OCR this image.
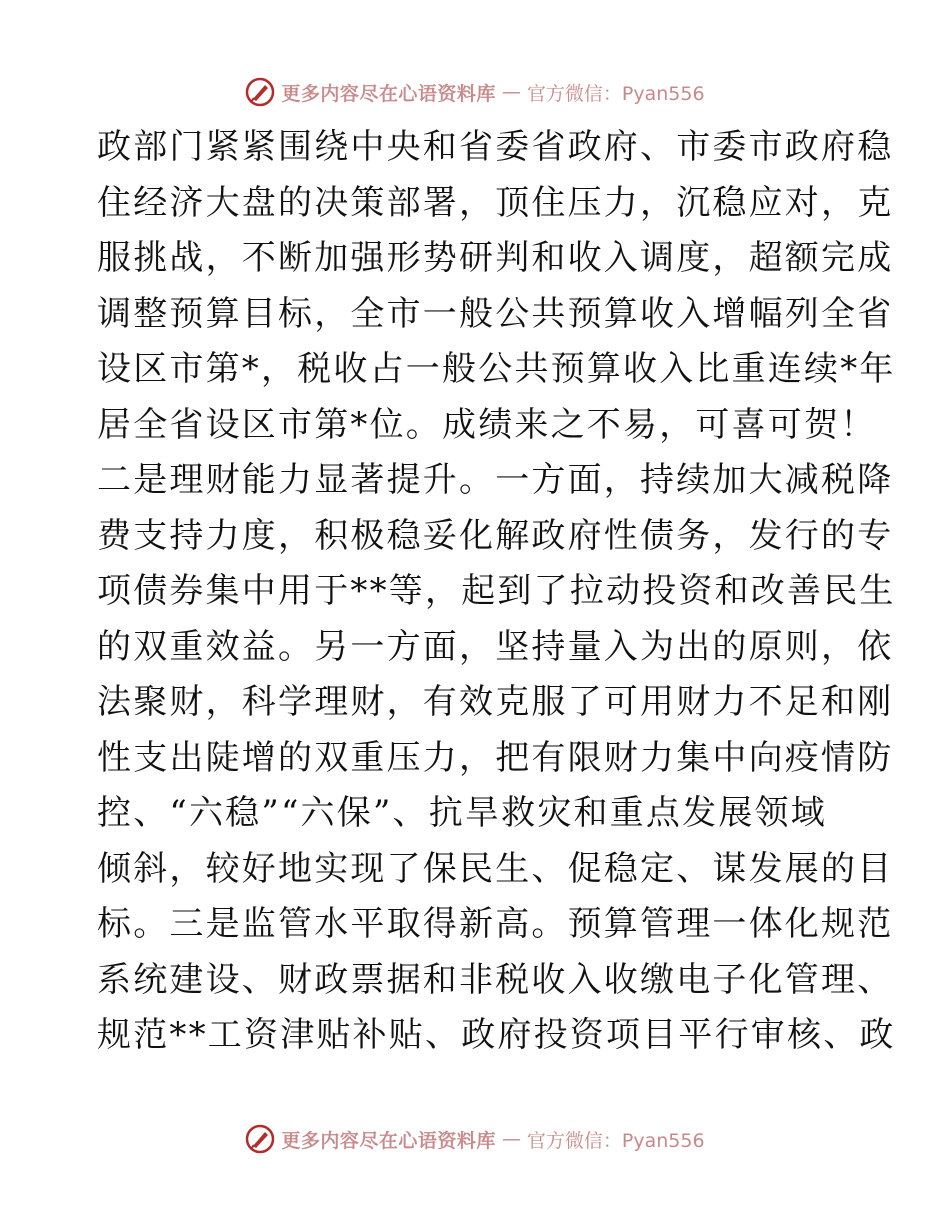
更多内容尽在心语资料库 — 官方微信：Pyan556
政部门紧紧围绕中央和省委省政府、市委市政府稳
住经济大盘的决策部署，顶住压力，沉稳应对，克
服挑战，不断加强形势研判和收入调度，超额完成
调整预算目标，全市一般公共预算收入增幅列全省
设区市第*，税收占一般公共预算收入比重连续*年
居全省设区市第*位。成绩来之不易，可喜可贺！
二是理财能力显著提升。一方面，持续加大减税降
费支持力度，积极稳妥化解政府性债务，发行的专
项债券集中用于**等，起到了拉动投资和改善民生
的双重效益。另一方面，坚持量入为出的原则，依
法聚财，科学理财，有效克服了可用财力不足和刚
性支出陡增的双重压力，把有限财力集中向疫情防
控、“六稳”“六保”、抗旱救灾和重点发展领域
倾斜，较好地实现了保民生、促稳定、谋发展的目
标。三是监管水平取得新高。预算管理一体化规范
系统建设、财政票据和非税收入收缴电子化管理、
规范**工资津贴补贴、政府投资项目平行审核、政
更多内容尽在心语资料库 — 官方微信：Pyan556
